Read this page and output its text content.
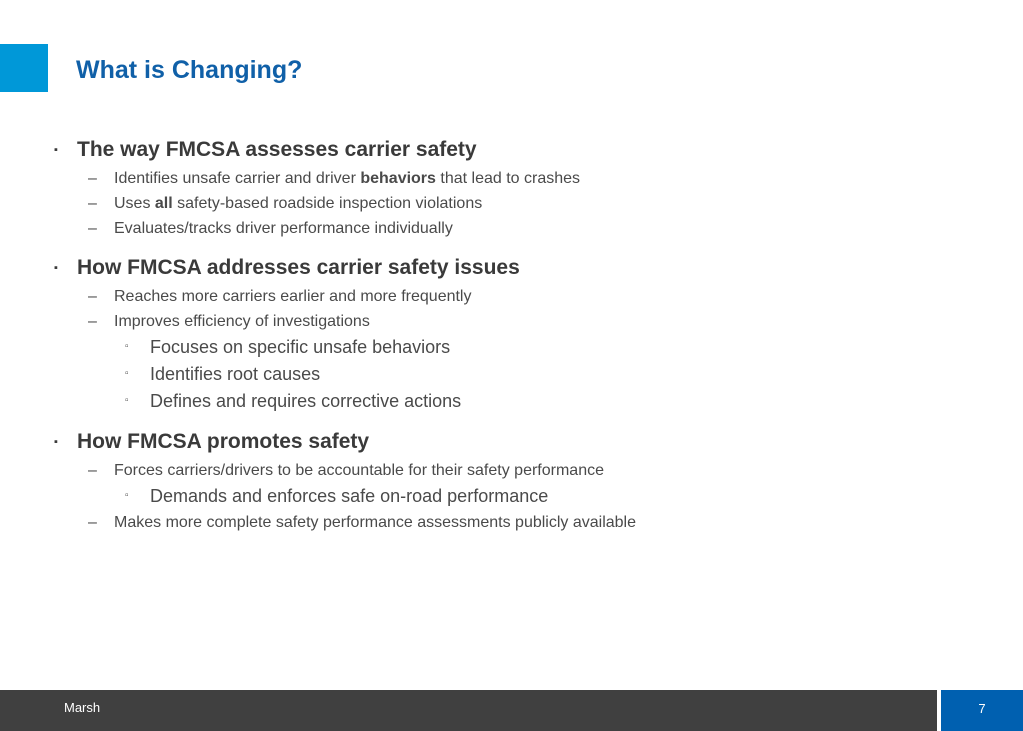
What is Changing?
▪ The way FMCSA assesses carrier safety
– Identifies unsafe carrier and driver behaviors that lead to crashes
– Uses all safety-based roadside inspection violations
– Evaluates/tracks driver performance individually
▪ How FMCSA addresses carrier safety issues
– Reaches more carriers earlier and more frequently
– Improves efficiency of investigations
▫ Focuses on specific unsafe behaviors
▫ Identifies root causes
▫ Defines and requires corrective actions
▪ How FMCSA promotes safety
– Forces carriers/drivers to be accountable for their safety performance
▫ Demands and enforces safe on-road performance
– Makes more complete safety performance assessments publicly available
Marsh	7
